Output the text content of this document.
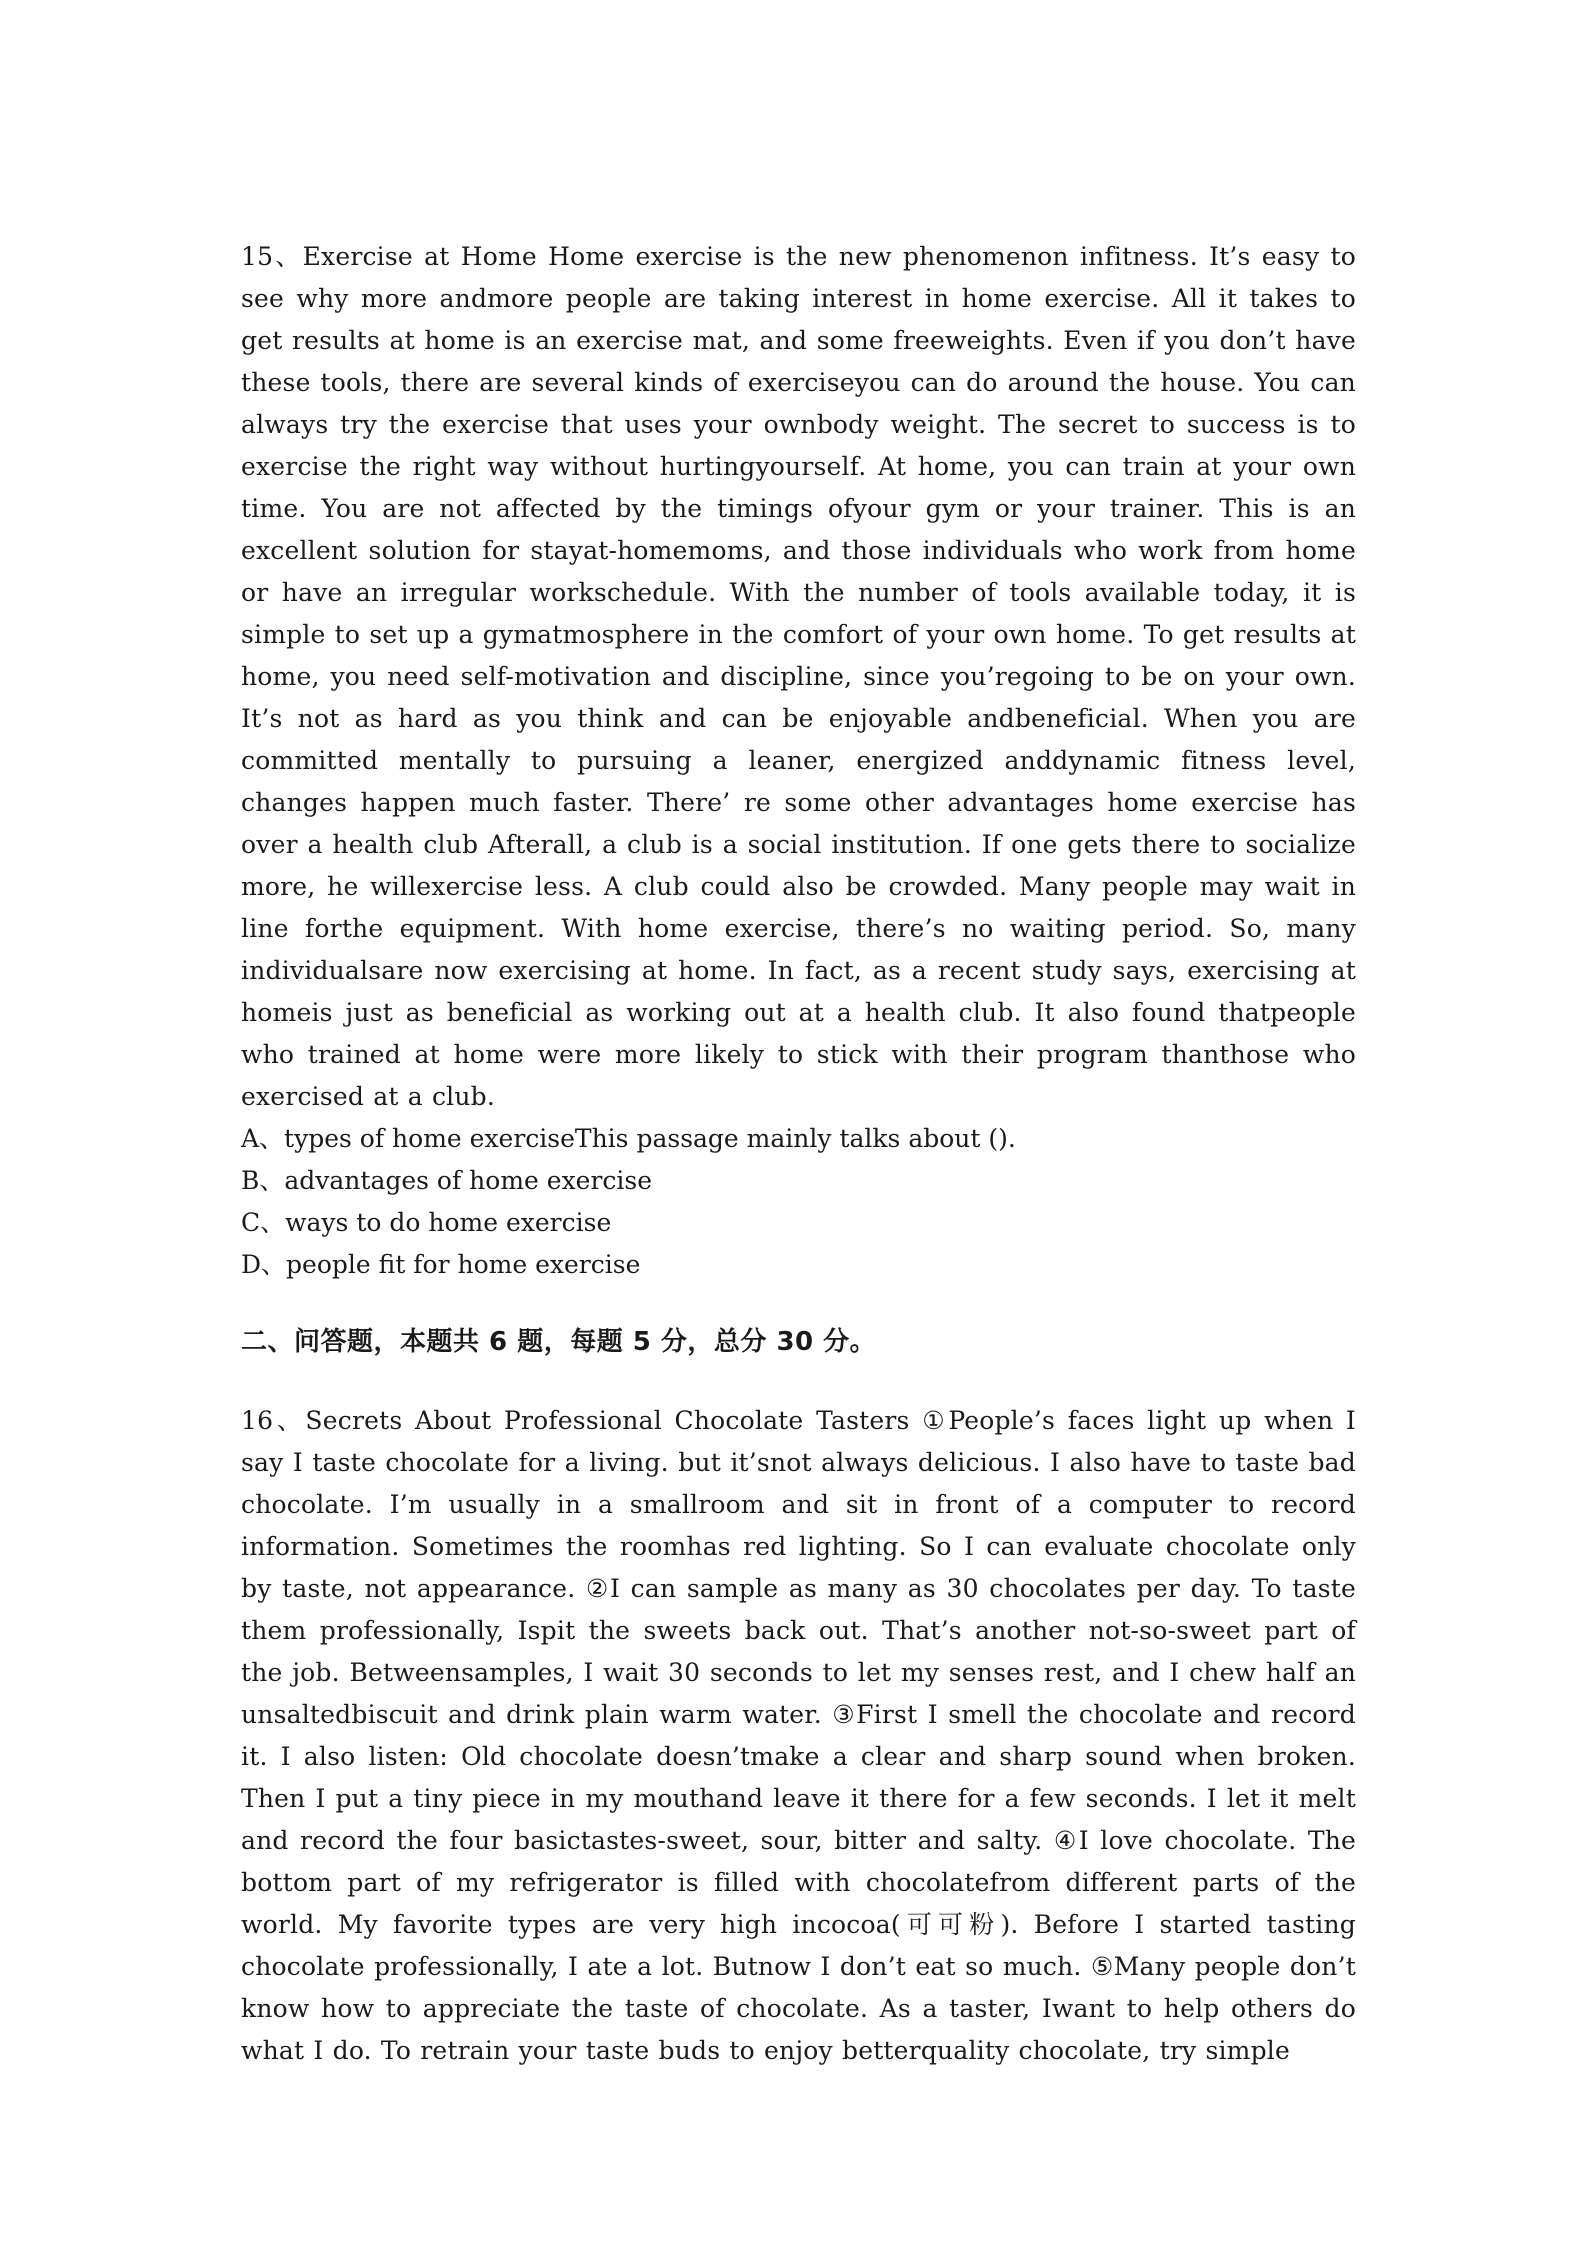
15、Exercise at Home Home exercise is the new phenomenon infitness. It’s easy to see why more andmore people are taking interest in home exercise. All it takes to get results at home is an exercise mat, and some freeweights. Even if you don’t have these tools, there are several kinds of exerciseyou can do around the house. You can always try the exercise that uses your ownbody weight. The secret to success is to exercise the right way without hurtingyourself. At home, you can train at your own time. You are not affected by the timings ofyour gym or your trainer. This is an excellent solution for stayat-homemoms, and those individuals who work from home or have an irregular workschedule. With the number of tools available today, it is simple to set up a gymatmosphere in the comfort of your own home. To get results at home, you need self-motivation and discipline, since you’regoing to be on your own. It’s not as hard as you think and can be enjoyable andbeneficial. When you are committed mentally to pursuing a leaner, energized anddynamic fitness level, changes happen much faster. There’ re some other advantages home exercise has over a health club Afterall, a club is a social institution. If one gets there to socialize more, he willexercise less. A club could also be crowded. Many people may wait in line forthe equipment. With home exercise, there’s no waiting period. So, many individualsare now exercising at home. In fact, as a recent study says, exercising at homeis just as beneficial as working out at a health club. It also found thatpeople who trained at home were more likely to stick with their program thanthose who exercised at a club.

A、types of home exerciseThis passage mainly talks about ().

B、advantages of home exercise

C、ways to do home exercise

D、people fit for home exercise

二、问答题，本题共 6 题，每题 5 分，总分 30 分。

16、Secrets About Professional Chocolate Tasters ①People’s faces light up when I say I taste chocolate for a living. but it’snot always delicious. I also have to taste bad chocolate. I’m usually in a smallroom and sit in front of a computer to record information. Sometimes the roomhas red lighting. So I can evaluate chocolate only by taste, not appearance. ②I can sample as many as 30 chocolates per day. To taste them professionally, Ispit the sweets back out. That’s another not-so-sweet part of the job. Betweensamples, I wait 30 seconds to let my senses rest, and I chew half an unsaltedbiscuit and drink plain warm water. ③First I smell the chocolate and record it. I also listen: Old chocolate doesn’tmake a clear and sharp sound when broken. Then I put a tiny piece in my mouthand leave it there for a few seconds. I let it melt and record the four basictastes-sweet, sour, bitter and salty. ④I love chocolate. The bottom part of my refrigerator is filled with chocolatefrom different parts of the world. My favorite types are very high incocoa(可可粉). Before I started tasting chocolate professionally, I ate a lot. Butnow I don’t eat so much. ⑤Many people don’t know how to appreciate the taste of chocolate. As a taster, Iwant to help others do what I do. To retrain your taste buds to enjoy betterquality chocolate, try simple
